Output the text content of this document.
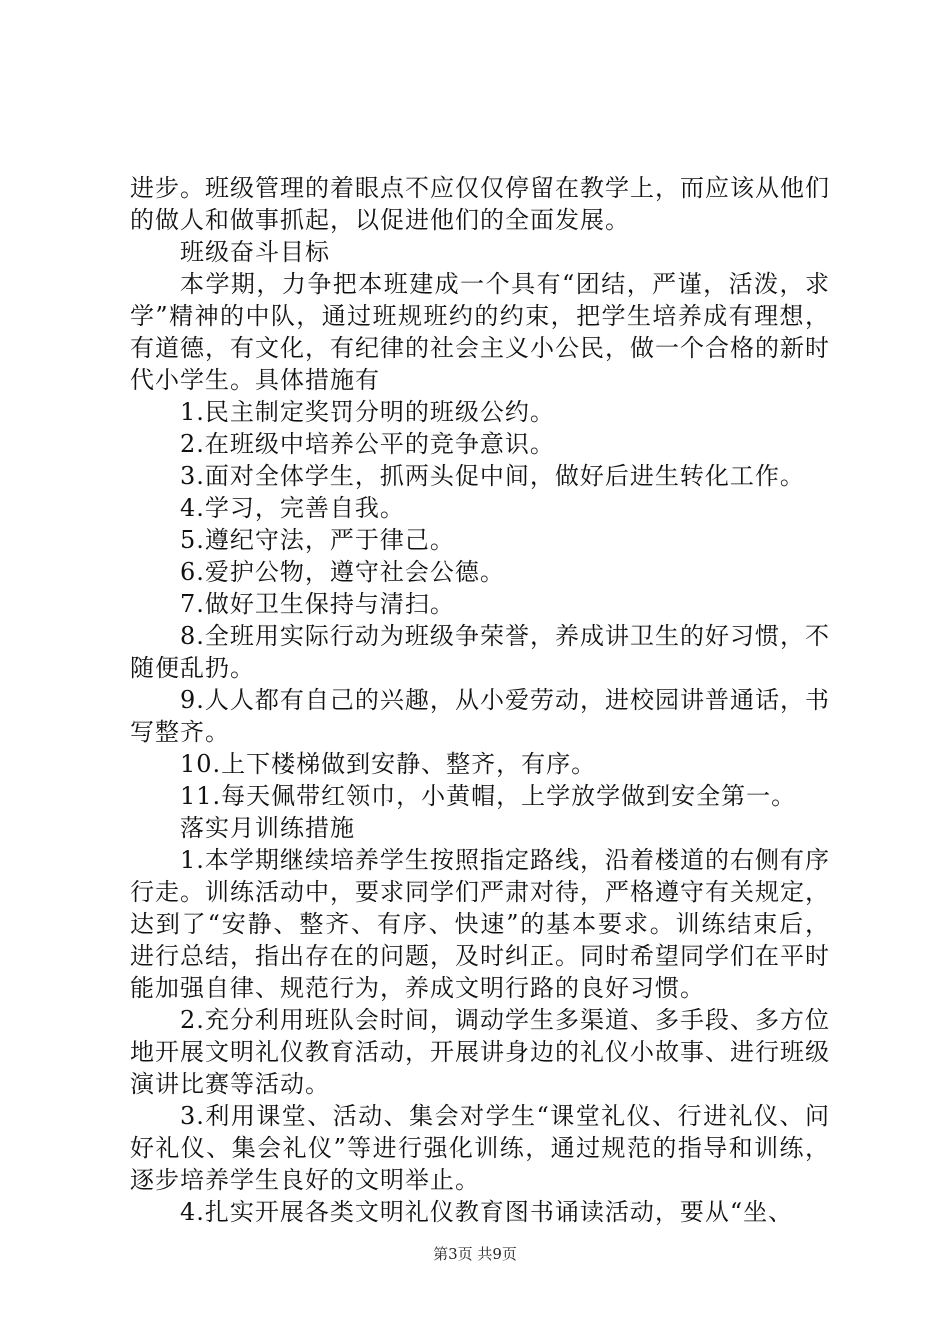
进步。班级管理的着眼点不应仅仅停留在教学上，而应该从他们的做人和做事抓起，以促进他们的全面发展。

班级奋斗目标

本学期，力争把本班建成一个具有“团结，严谨，活泼，求学”精神的中队，通过班规班约的约束，把学生培养成有理想，有道德，有文化，有纪律的社会主义小公民，做一个合格的新时代小学生。具体措施有

1.民主制定奖罚分明的班级公约。

2.在班级中培养公平的竞争意识。

3.面对全体学生，抓两头促中间，做好后进生转化工作。

4.学习，完善自我。

5.遵纪守法，严于律己。

6.爱护公物，遵守社会公德。

7.做好卫生保持与清扫。

8.全班用实际行动为班级争荣誉，养成讲卫生的好习惯，不随便乱扔。

9.人人都有自己的兴趣，从小爱劳动，进校园讲普通话，书写整齐。

10.上下楼梯做到安静、整齐，有序。

11.每天佩带红领巾，小黄帽，上学放学做到安全第一。

落实月训练措施

1.本学期继续培养学生按照指定路线，沿着楼道的右侧有序行走。训练活动中，要求同学们严肃对待，严格遵守有关规定，达到了“安静、整齐、有序、快速”的基本要求。训练结束后，进行总结，指出存在的问题，及时纠正。同时希望同学们在平时能加强自律、规范行为，养成文明行路的良好习惯。

2.充分利用班队会时间，调动学生多渠道、多手段、多方位地开展文明礼仪教育活动，开展讲身边的礼仪小故事、进行班级演讲比赛等活动。

3.利用课堂、活动、集会对学生“课堂礼仪、行进礼仪、问好礼仪、集会礼仪”等进行强化训练，通过规范的指导和训练，逐步培养学生良好的文明举止。

4.扎实开展各类文明礼仪教育图书诵读活动，要从“坐、

第3页 共9页
